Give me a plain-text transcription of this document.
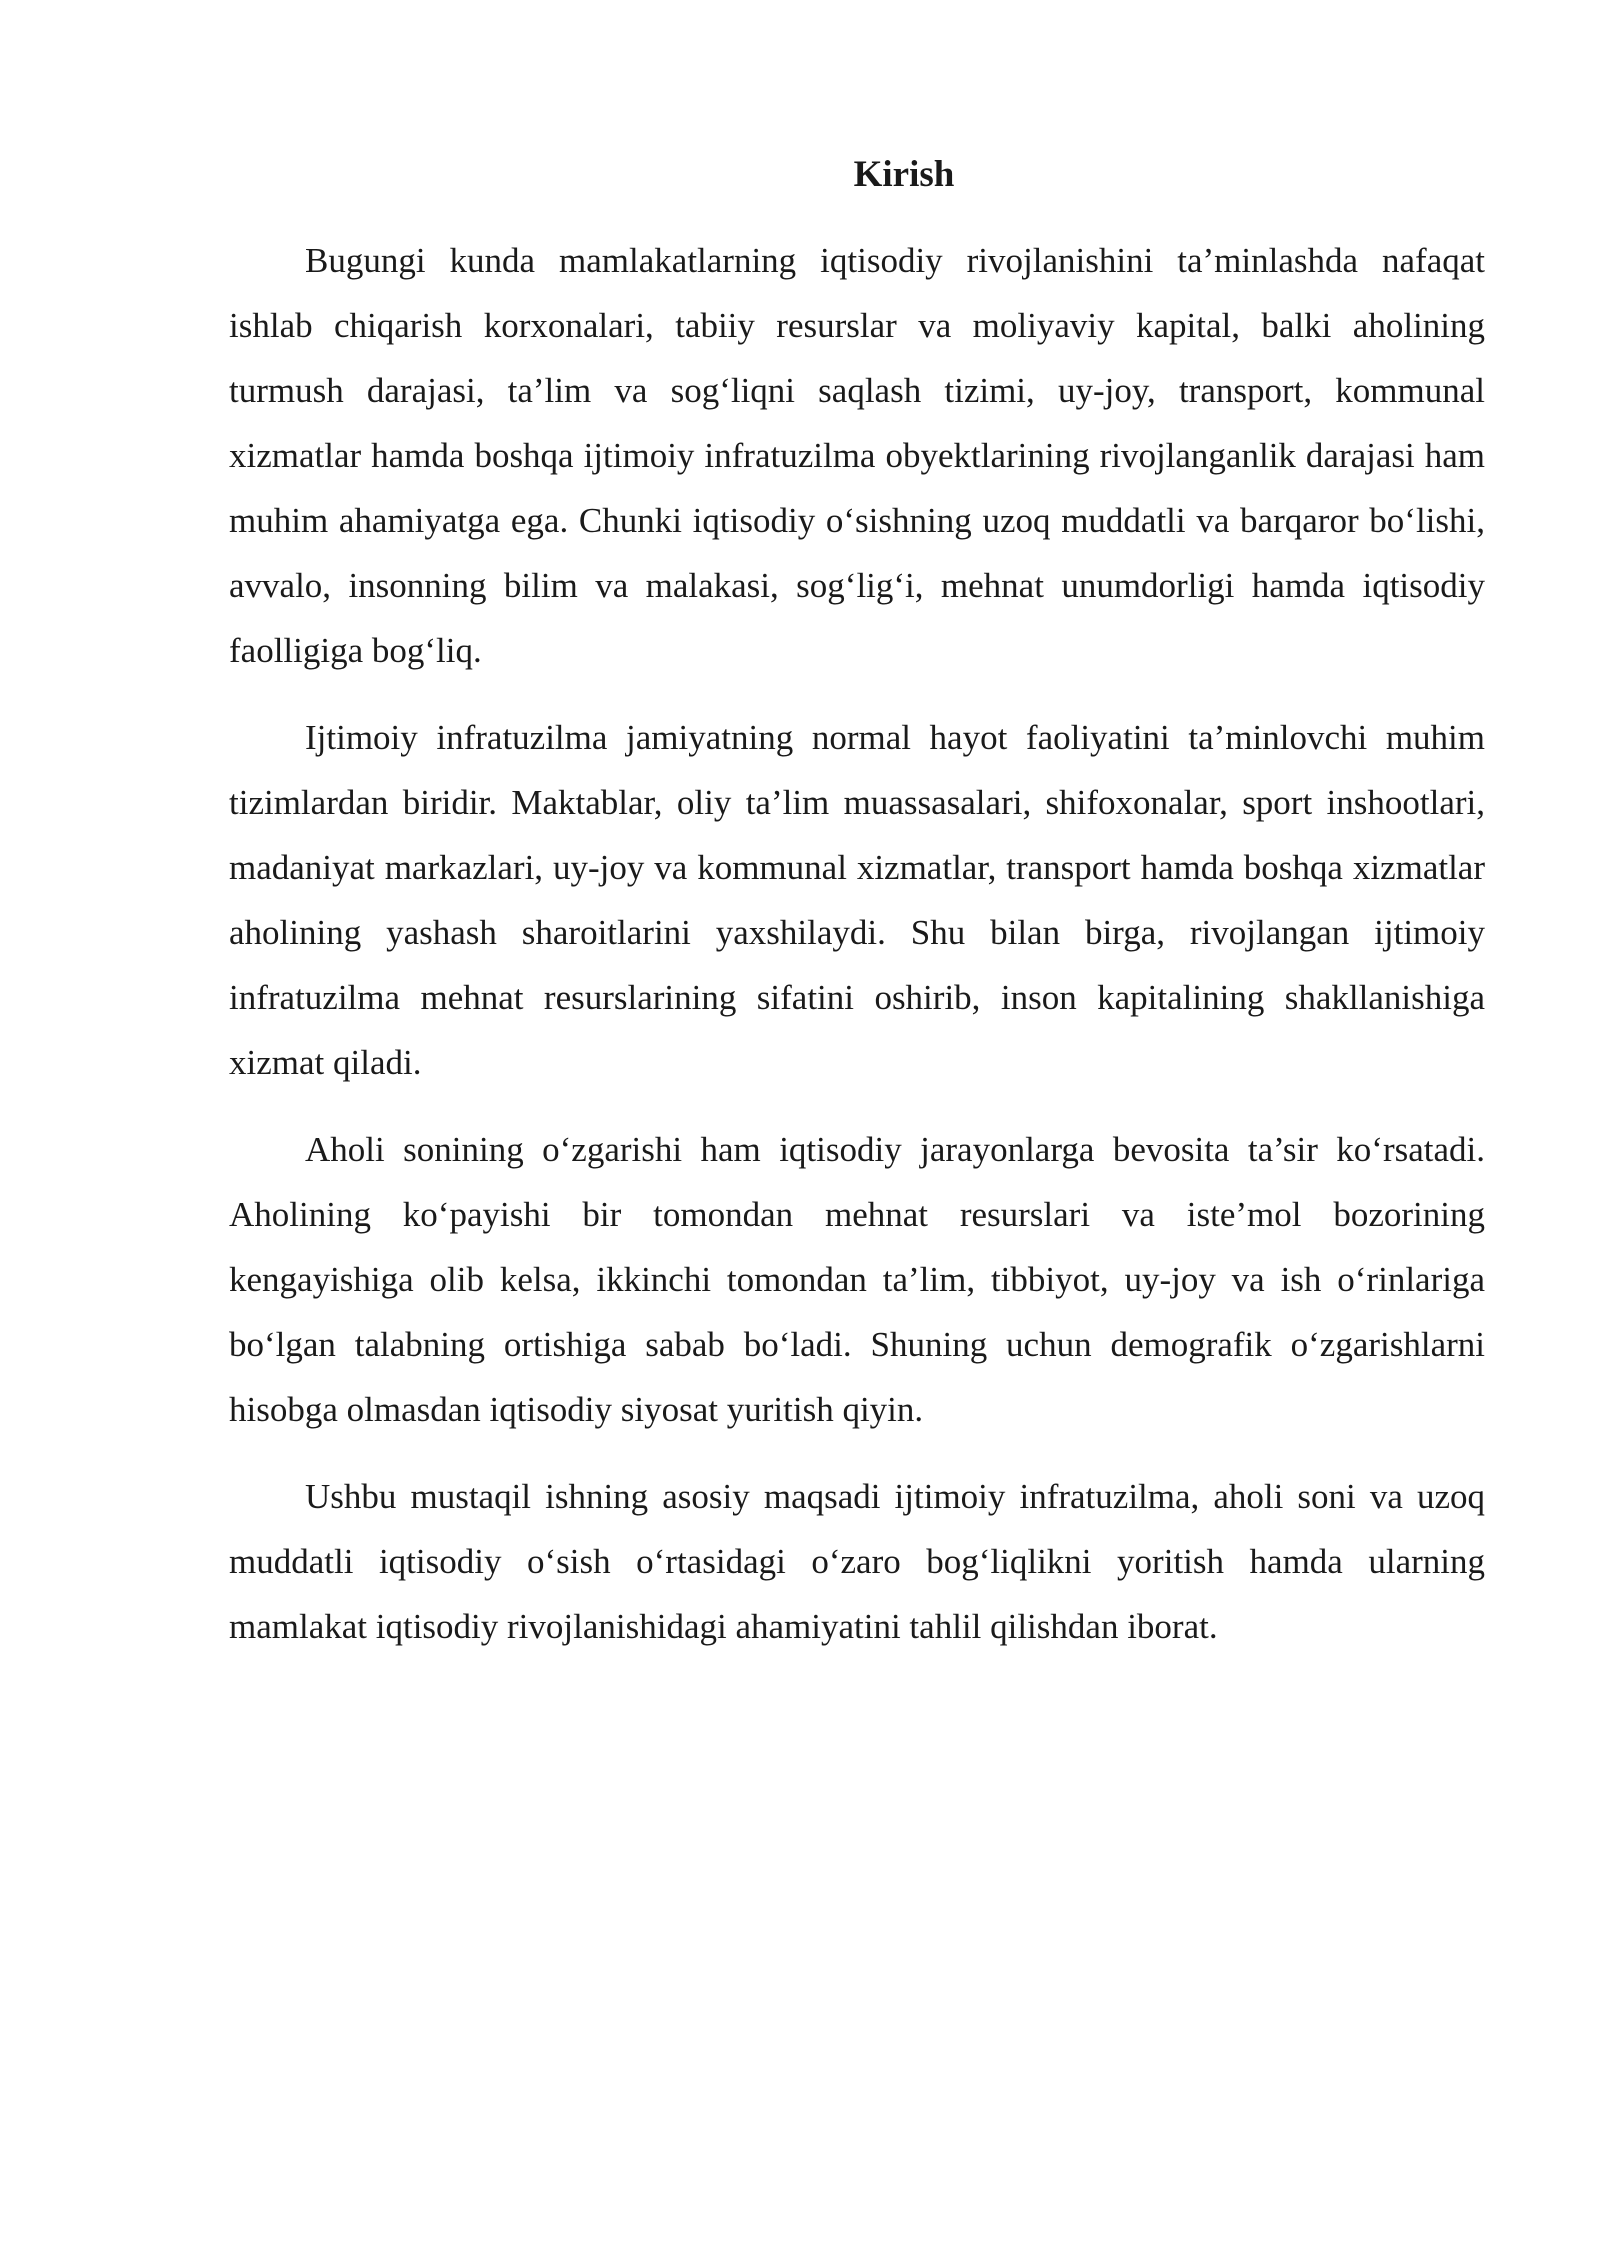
Kirish

Bugungi kunda mamlakatlarning iqtisodiy rivojlanishini ta’minlashda nafaqat ishlab chiqarish korxonalari, tabiiy resurslar va moliyaviy kapital, balki aholining turmush darajasi, ta’lim va sog‘liqni saqlash tizimi, uy-joy, transport, kommunal xizmatlar hamda boshqa ijtimoiy infratuzilma obyektlarining rivojlanganlik darajasi ham muhim ahamiyatga ega. Chunki iqtisodiy o‘sishning uzoq muddatli va barqaror bo‘lishi, avvalo, insonning bilim va malakasi, sog‘lig‘i, mehnat unumdorligi hamda iqtisodiy faolligiga bog‘liq.

Ijtimoiy infratuzilma jamiyatning normal hayot faoliyatini ta’minlovchi muhim tizimlardan biridir. Maktablar, oliy ta’lim muassasalari, shifoxonalar, sport inshootlari, madaniyat markazlari, uy-joy va kommunal xizmatlar, transport hamda boshqa xizmatlar aholining yashash sharoitlarini yaxshilaydi. Shu bilan birga, rivojlangan ijtimoiy infratuzilma mehnat resurslarining sifatini oshirib, inson kapitalining shakllanishiga xizmat qiladi.

Aholi sonining o‘zgarishi ham iqtisodiy jarayonlarga bevosita ta’sir ko‘rsatadi. Aholining ko‘payishi bir tomondan mehnat resurslari va iste’mol bozorining kengayishiga olib kelsa, ikkinchi tomondan ta’lim, tibbiyot, uy-joy va ish o‘rinlariga bo‘lgan talabning ortishiga sabab bo‘ladi. Shuning uchun demografik o‘zgarishlarni hisobga olmasdan iqtisodiy siyosat yuritish qiyin.

Ushbu mustaqil ishning asosiy maqsadi ijtimoiy infratuzilma, aholi soni va uzoq muddatli iqtisodiy o‘sish o‘rtasidagi o‘zaro bog‘liqlikni yoritish hamda ularning mamlakat iqtisodiy rivojlanishidagi ahamiyatini tahlil qilishdan iborat.
